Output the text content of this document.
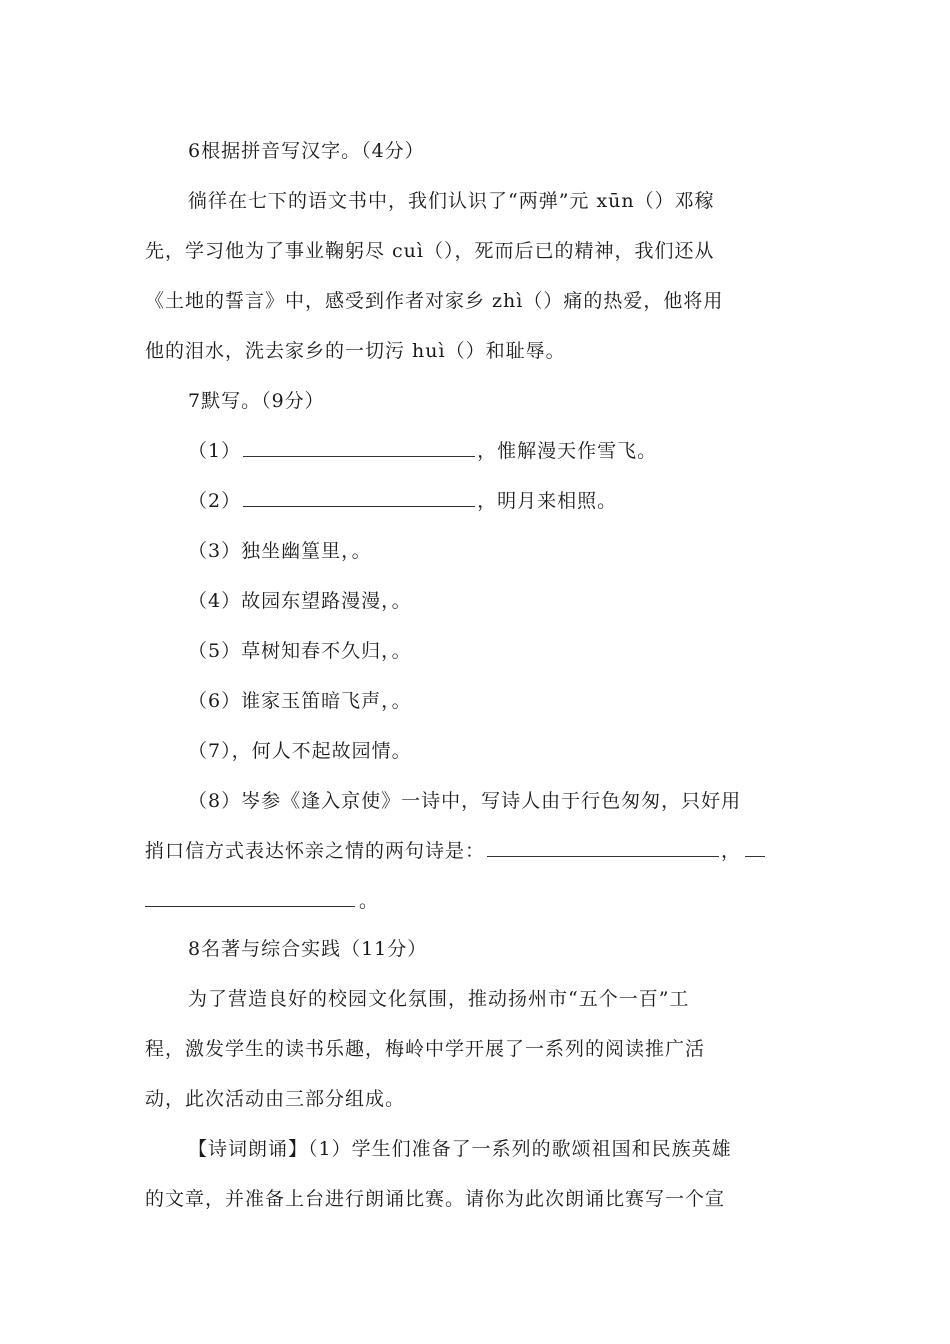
6根据拼音写汉字。（4分）
徜徉在七下的语文书中，我们认识了“两弹”元 xūn（）邓稼
先，学习他为了事业鞠躬尽 cuì（），死而后已的精神，我们还从
《土地的誓言》中，感受到作者对家乡 zhì（）痛的热爱，他将用
他的泪水，洗去家乡的一切污 huì（）和耻辱。
7默写。（9分）
（1）	，惟解漫天作雪飞。
（2）	，明月来相照。
（3）独坐幽篁里，。
（4）故园东望路漫漫，。
（5）草树知春不久归，。
（6）谁家玉笛暗飞声，。
（7），何人不起故园情。
（8）岑参《逢入京使》一诗中，写诗人由于行色匆匆，只好用
捎口信方式表达怀亲之情的两句诗是：	，
。
8名著与综合实践（11分）
为了营造良好的校园文化氛围，推动扬州市“五个一百”工
程，激发学生的读书乐趣，梅岭中学开展了一系列的阅读推广活
动，此次活动由三部分组成。
【诗词朗诵】（1）学生们准备了一系列的歌颂祖国和民族英雄
的文章，并准备上台进行朗诵比赛。请你为此次朗诵比赛写一个宣
